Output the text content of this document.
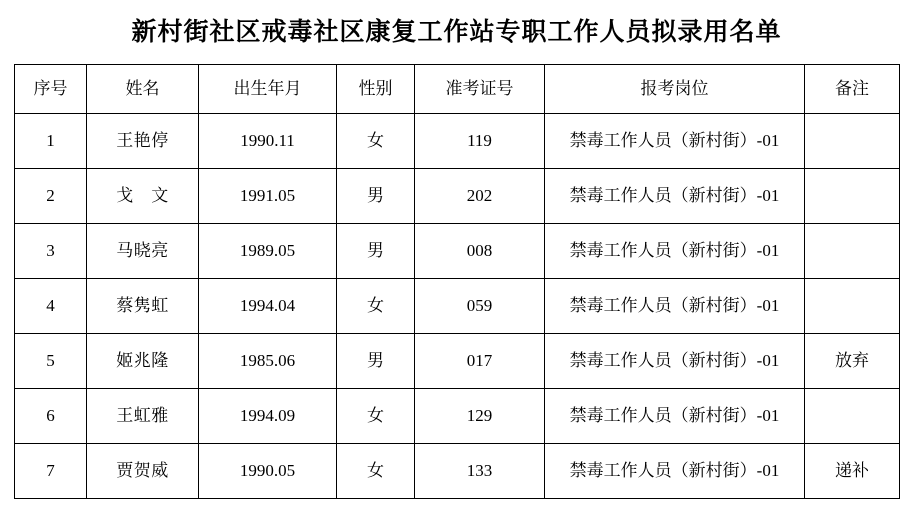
新村街社区戒毒社区康复工作站专职工作人员拟录用名单
序号	姓名	出生年月	性别	准考证号	报考岗位	备注
1	王艳停	1990.11	女	119	禁毒工作人员（新村街）-01	
2	戈　文	1991.05	男	202	禁毒工作人员（新村街）-01	
3	马晓亮	1989.05	男	008	禁毒工作人员（新村街）-01	
4	蔡隽虹	1994.04	女	059	禁毒工作人员（新村街）-01	
5	姬兆隆	1985.06	男	017	禁毒工作人员（新村街）-01	放弃
6	王虹雅	1994.09	女	129	禁毒工作人员（新村街）-01	
7	贾贺威	1990.05	女	133	禁毒工作人员（新村街）-01	递补
